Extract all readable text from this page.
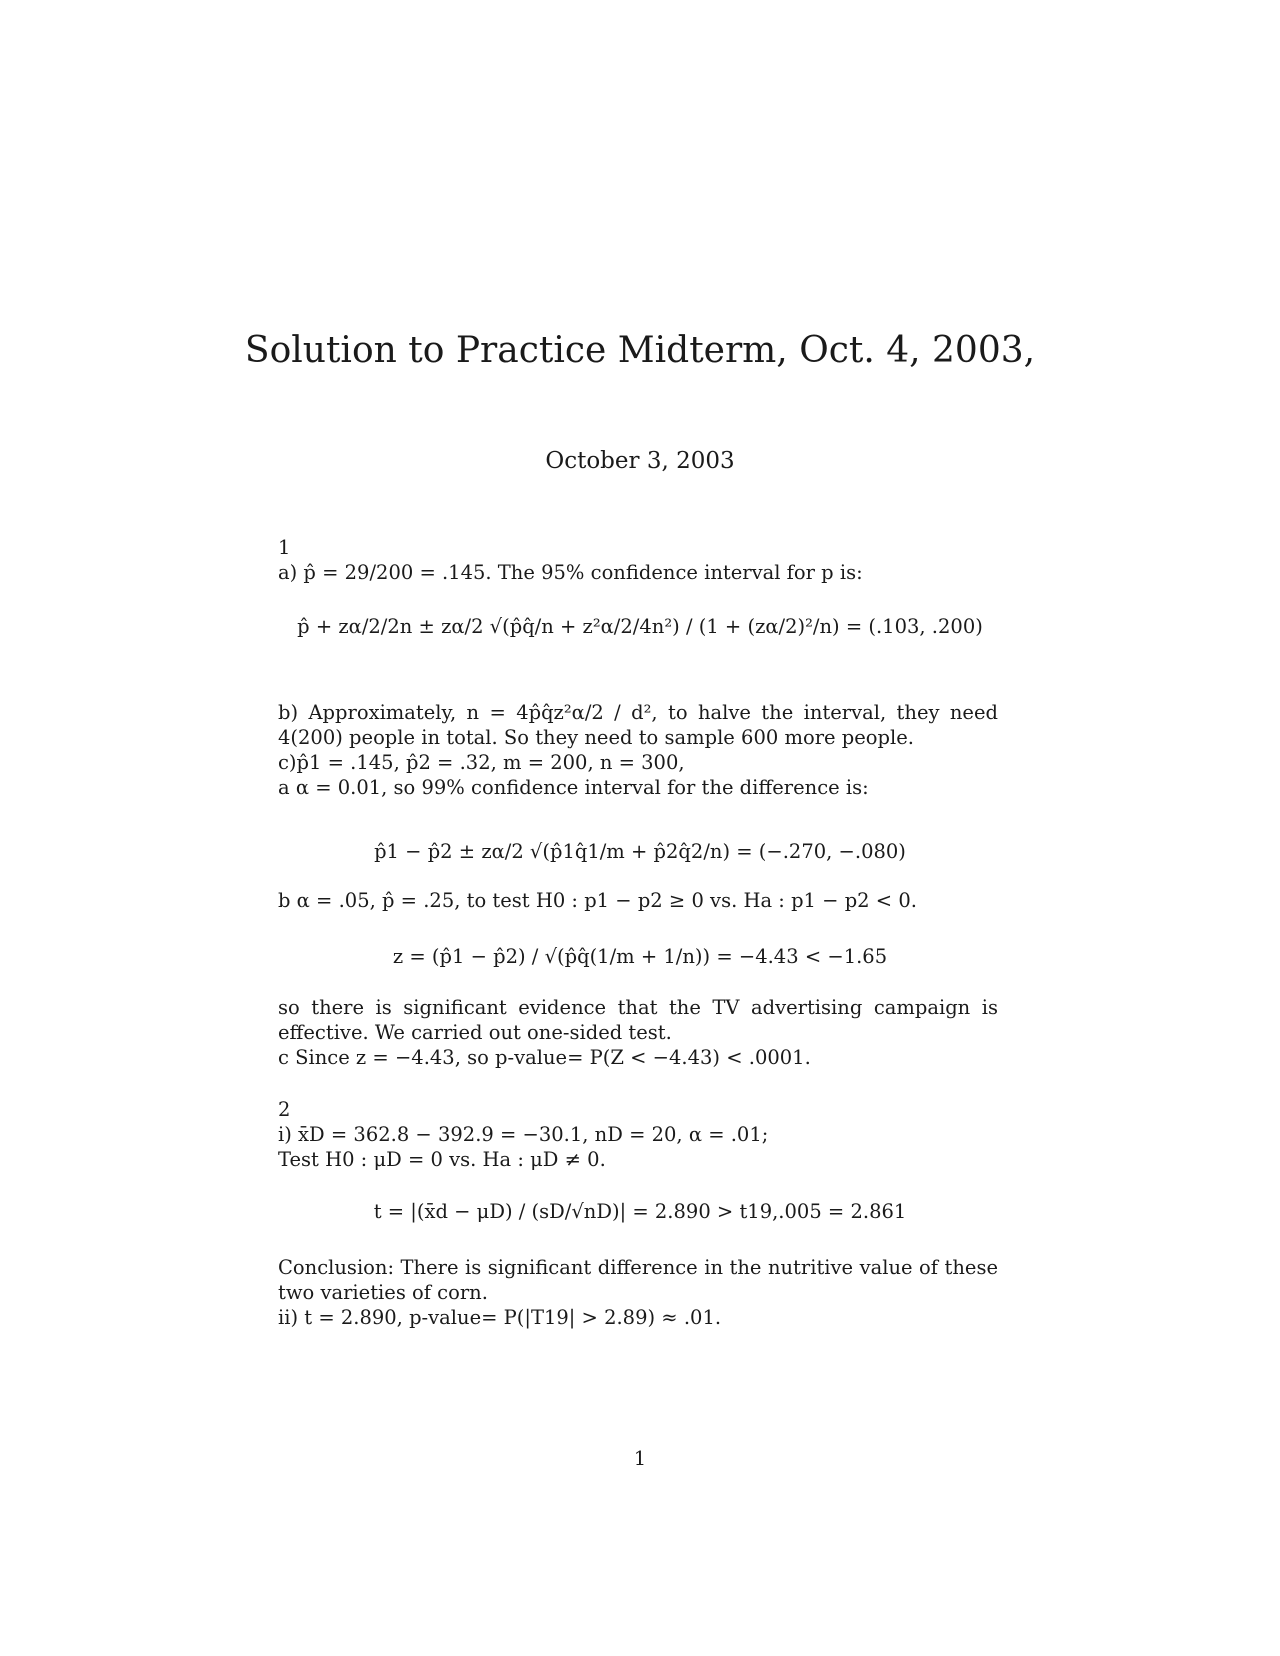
Solution to Practice Midterm, Oct. 4, 2003,
October 3, 2003
1
a) p̂ = 29/200 = .145. The 95% confidence interval for p is:
p̂ + zα/2/2n ± zα/2 √(p̂q̂/n + z²α/2/4n²) / (1 + (zα/2)²/n) = (.103, .200)
b) Approximately, n = 4p̂q̂z²α/2 / d², to halve the interval, they need 4(200) people in total. So they need to sample 600 more people.
c)p̂1 = .145, p̂2 = .32, m = 200, n = 300,
a α = 0.01, so 99% confidence interval for the difference is:
p̂1 − p̂2 ± zα/2 √(p̂1q̂1/m + p̂2q̂2/n) = (−.270, −.080)
b α = .05, p̂ = .25, to test H0 : p1 − p2 ≥ 0 vs. Ha : p1 − p2 < 0.
z = (p̂1 − p̂2) / √(p̂q̂(1/m + 1/n)) = −4.43 < −1.65
so there is significant evidence that the TV advertising campaign is effective. We carried out one-sided test.
c Since z = −4.43, so p-value= P(Z < −4.43) < .0001.
2
i) x̄D = 362.8 − 392.9 = −30.1, nD = 20, α = .01;
Test H0 : μD = 0 vs. Ha : μD ≠ 0.
t = |(x̄d − μD) / (sD/√nD)| = 2.890 > t19,.005 = 2.861
Conclusion: There is significant difference in the nutritive value of these two varieties of corn.
ii) t = 2.890, p-value= P(|T19| > 2.89) ≈ .01.
1
